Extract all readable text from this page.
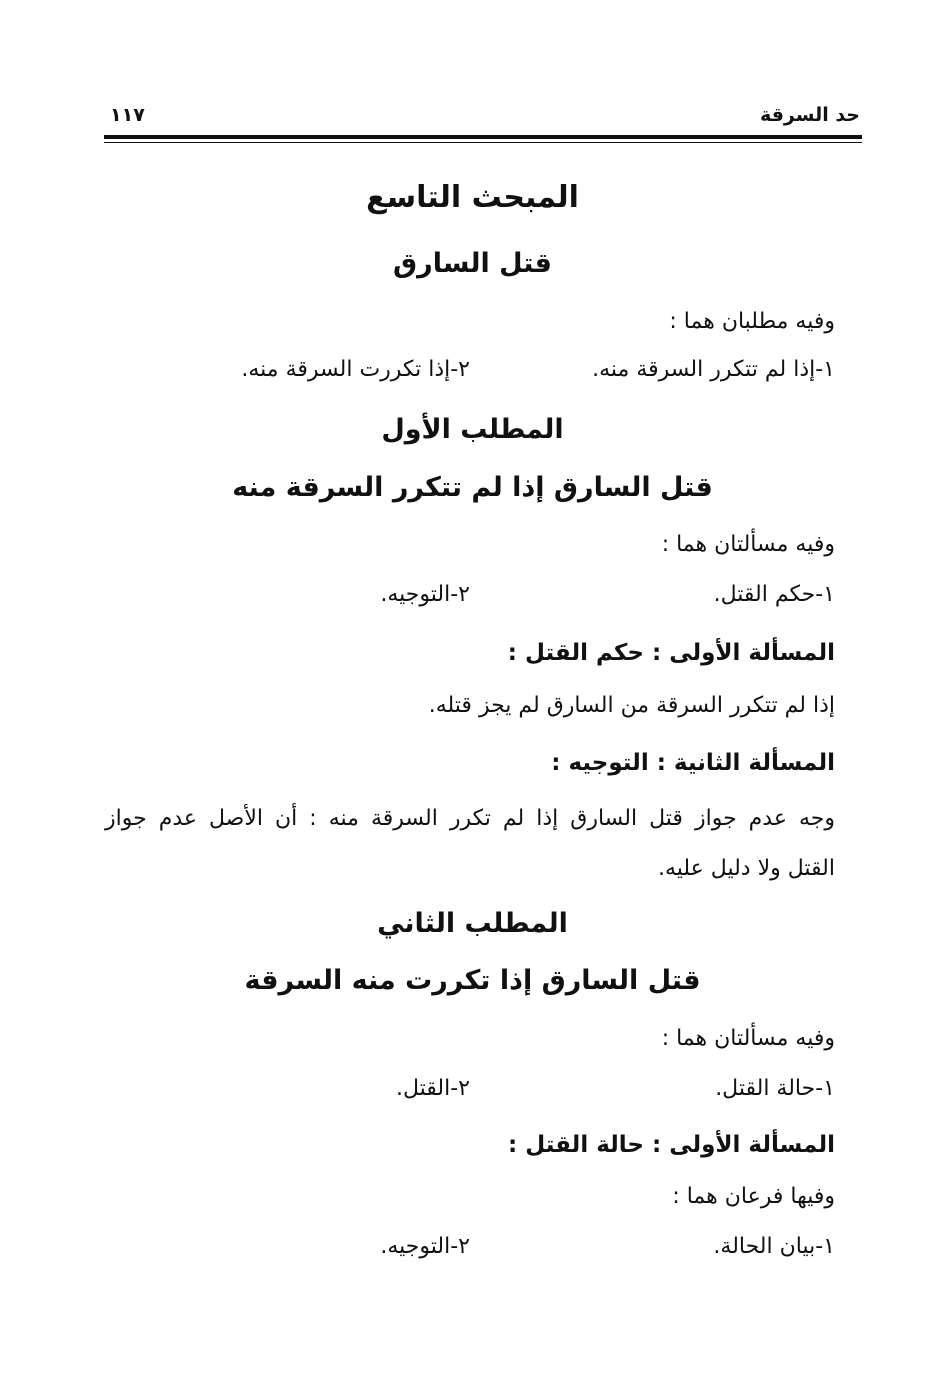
حد السرقة
١١٧
المبحث التاسع
قتل السارق
وفيه مطلبان هما :
١-إذا لم تتكرر السرقة منه.
٢-إذا تكررت السرقة منه.
المطلب الأول
قتل السارق إذا لم تتكرر السرقة منه
وفيه مسألتان هما :
١-حكم القتل.
٢-التوجيه.
المسألة الأولى : حكم القتل :
إذا لم تتكرر السرقة من السارق لم يجز قتله.
المسألة الثانية : التوجيه :
وجه عدم جواز قتل السارق إذا لم تكرر السرقة منه : أن الأصل عدم جواز
القتل ولا دليل عليه.
المطلب الثاني
قتل السارق إذا تكررت منه السرقة
وفيه مسألتان هما :
١-حالة القتل.
٢-القتل.
المسألة الأولى : حالة القتل :
وفيها فرعان هما :
١-بيان الحالة.
٢-التوجيه.
